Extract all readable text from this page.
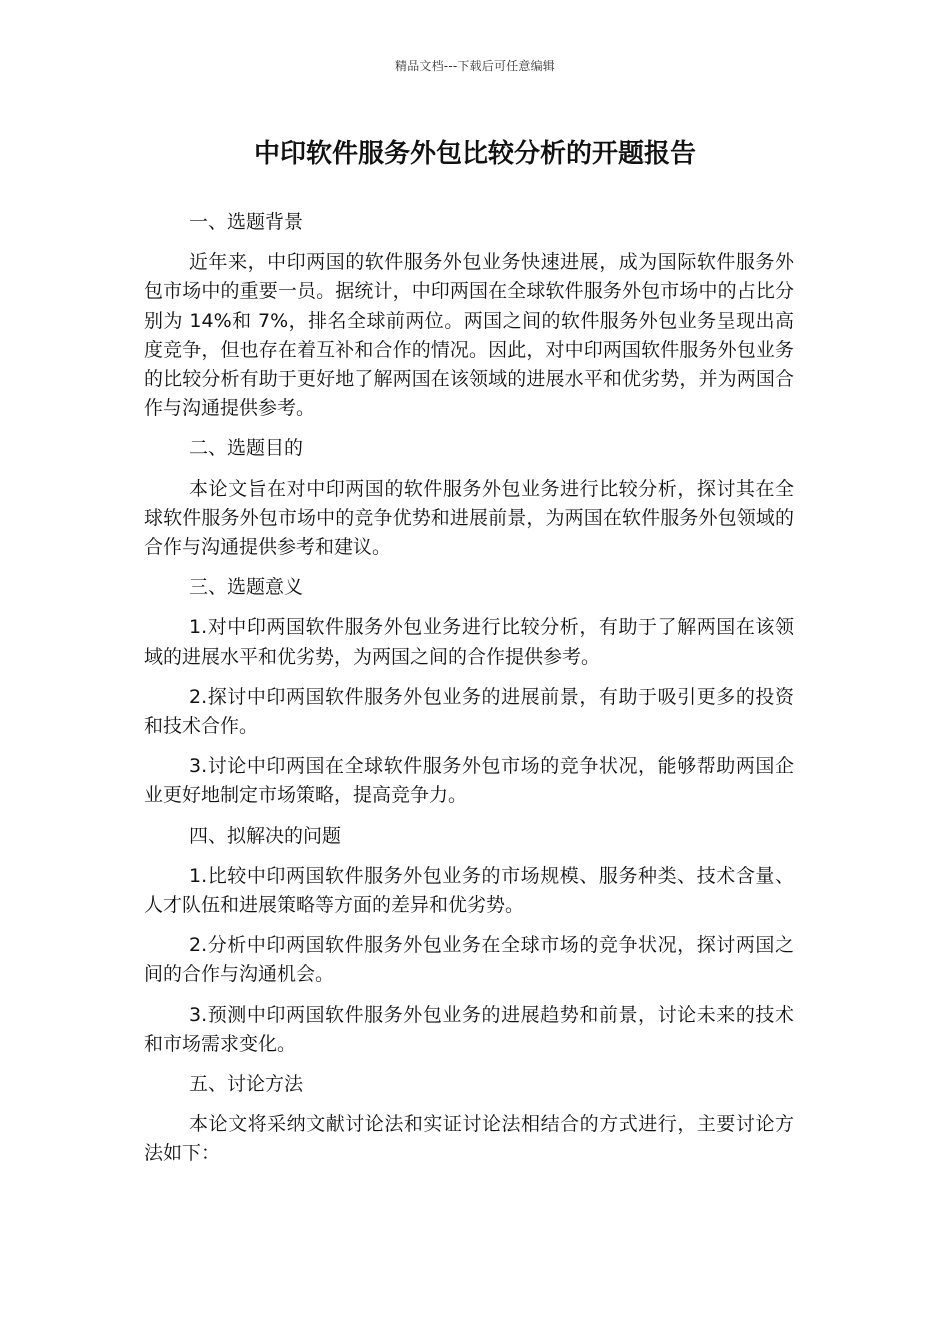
精品文档---下载后可任意编辑
中印软件服务外包比较分析的开题报告

一、选题背景

近年来，中印两国的软件服务外包业务快速进展，成为国际软件服务外包市场中的重要一员。据统计，中印两国在全球软件服务外包市场中的占比分别为 14%和 7%，排名全球前两位。两国之间的软件服务外包业务呈现出高度竞争，但也存在着互补和合作的情况。因此，对中印两国软件服务外包业务的比较分析有助于更好地了解两国在该领域的进展水平和优劣势，并为两国合作与沟通提供参考。

二、选题目的

本论文旨在对中印两国的软件服务外包业务进行比较分析，探讨其在全球软件服务外包市场中的竞争优势和进展前景，为两国在软件服务外包领域的合作与沟通提供参考和建议。

三、选题意义

1.对中印两国软件服务外包业务进行比较分析，有助于了解两国在该领域的进展水平和优劣势，为两国之间的合作提供参考。

2.探讨中印两国软件服务外包业务的进展前景，有助于吸引更多的投资和技术合作。

3.讨论中印两国在全球软件服务外包市场的竞争状况，能够帮助两国企业更好地制定市场策略，提高竞争力。

四、拟解决的问题

1.比较中印两国软件服务外包业务的市场规模、服务种类、技术含量、人才队伍和进展策略等方面的差异和优劣势。

2.分析中印两国软件服务外包业务在全球市场的竞争状况，探讨两国之间的合作与沟通机会。

3.预测中印两国软件服务外包业务的进展趋势和前景，讨论未来的技术和市场需求变化。

五、讨论方法

本论文将采纳文献讨论法和实证讨论法相结合的方式进行，主要讨论方法如下：
